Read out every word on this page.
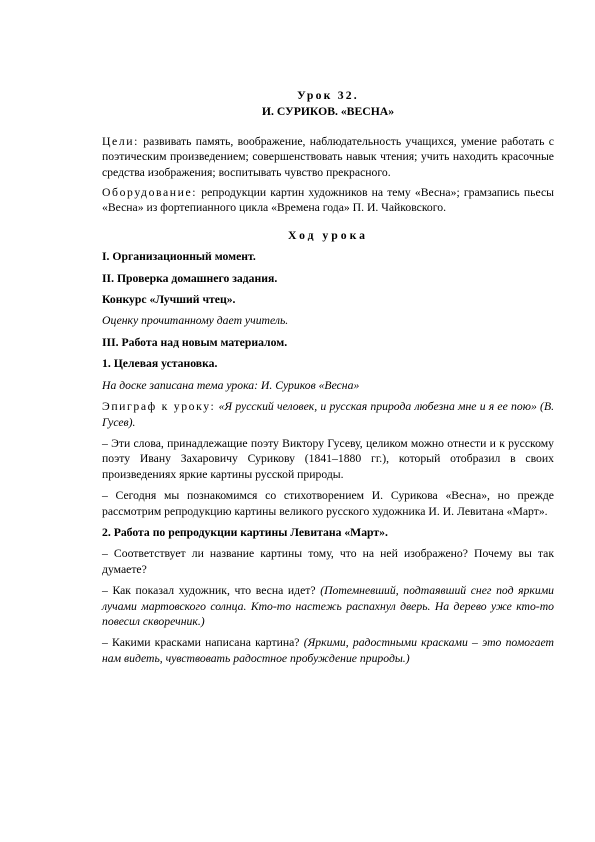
Урок 32.
И. СУРИКОВ. «ВЕСНА»

Цели: развивать память, воображение, наблюдательность учащихся, умение работать с поэтическим произведением; совершенствовать навык чтения; учить находить красочные средства изображения; воспитывать чувство прекрасного.

Оборудование: репродукции картин художников на тему «Весна»; грамзапись пьесы «Весна» из фортепианного цикла «Времена года» П. И. Чайковского.

Ход урока

I. Организационный момент.

II. Проверка домашнего задания.

Конкурс «Лучший чтец».

Оценку прочитанному дает учитель.

III. Работа над новым материалом.

1. Целевая установка.

На доске записана тема урока: И. Суриков «Весна»

Эпиграф к уроку: «Я русский человек, и русская природа любезна мне и я ее пою» (В. Гусев).

– Эти слова, принадлежащие поэту Виктору Гусеву, целиком можно отнести и к русскому поэту Ивану Захаровичу Сурикову (1841–1880 гг.), который отобразил в своих произведениях яркие картины русской природы.

– Сегодня мы познакомимся со стихотворением И. Сурикова «Весна», но прежде рассмотрим репродукцию картины великого русского художника И. И. Левитана «Март».

2. Работа по репродукции картины Левитана «Март».

– Соответствует ли название картины тому, что на ней изображено? Почему вы так думаете?

– Как показал художник, что весна идет? (Потемневший, подтаявший снег под яркими лучами мартовского солнца. Кто-то настежь распахнул дверь. На дерево уже кто-то повесил скворечник.)

– Какими красками написана картина? (Яркими, радостными красками – это помогает нам видеть, чувствовать радостное пробуждение природы.)
